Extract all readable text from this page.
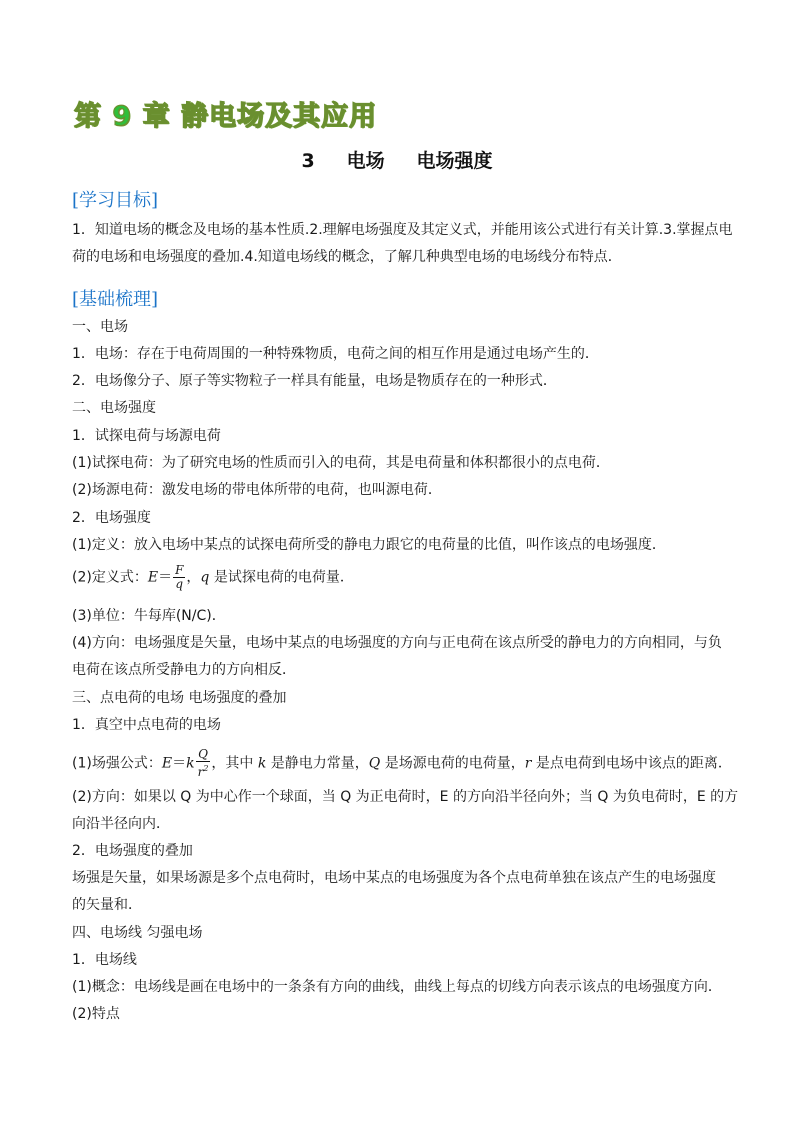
第 9 章 静电场及其应用
3   电场   电场强度
[学习目标]
1．知道电场的概念及电场的基本性质.2.理解电场强度及其定义式，并能用该公式进行有关计算.3.掌握点电
荷的电场和电场强度的叠加.4.知道电场线的概念，了解几种典型电场的电场线分布特点．
[基础梳理]
一、电场
1．电场：存在于电荷周围的一种特殊物质，电荷之间的相互作用是通过电场产生的．
2．电场像分子、原子等实物粒子一样具有能量，电场是物质存在的一种形式．
二、电场强度
1．试探电荷与场源电荷
(1)试探电荷：为了研究电场的性质而引入的电荷，其是电荷量和体积都很小的点电荷．
(2)场源电荷：激发电场的带电体所带的电荷，也叫源电荷．
2．电场强度
(1)定义：放入电场中某点的试探电荷所受的静电力跟它的电荷量的比值，叫作该点的电场强度．
(2)定义式：$E= \frac{F}{q}$ ，q 是试探电荷的电荷量．
(3)单位：牛每库(N/C)．
(4)方向：电场强度是矢量，电场中某点的电场强度的方向与正电荷在该点所受的静电力的方向相同，与负
电荷在该点所受静电力的方向相反．
三、点电荷的电场 电场强度的叠加
1．真空中点电荷的电场
(1)场强公式：$E=k \frac{Q}{r^2}$ ，其中 k 是静电力常量，Q 是场源电荷的电荷量，r 是点电荷到电场中该点的距离．
(2)方向：如果以 Q 为中心作一个球面，当 Q 为正电荷时，E 的方向沿半径向外；当 Q 为负电荷时，E 的方
向沿半径向内．
2．电场强度的叠加
场强是矢量，如果场源是多个点电荷时，电场中某点的电场强度为各个点电荷单独在该点产生的电场强度
的矢量和．
四、电场线 匀强电场
1．电场线
(1)概念：电场线是画在电场中的一条条有方向的曲线，曲线上每点的切线方向表示该点的电场强度方向．
(2)特点
